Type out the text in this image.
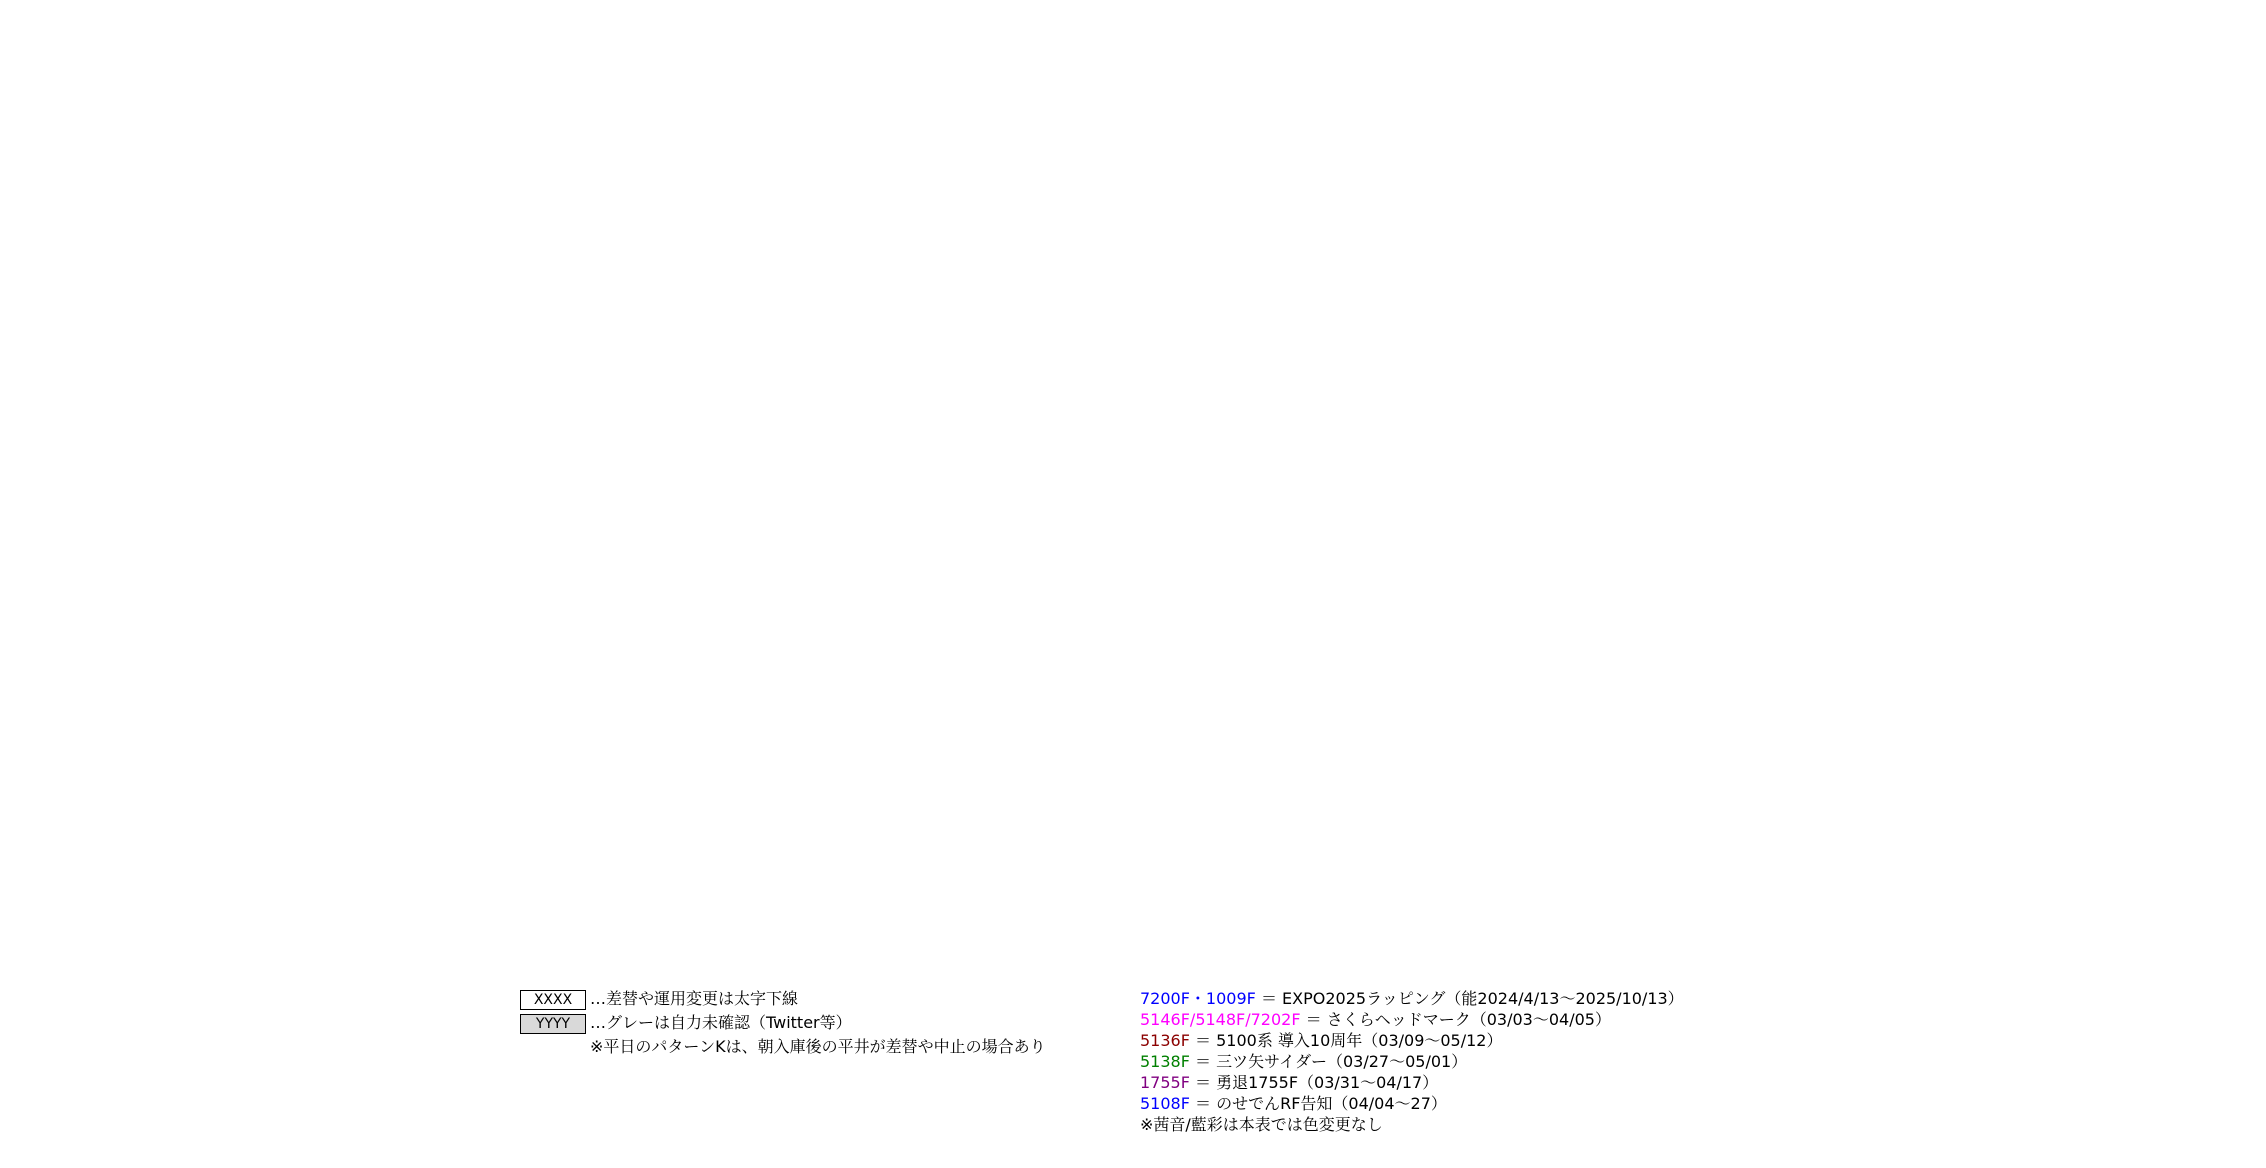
XXXX …差替や運用変更は太字下線
YYYY …グレーは自力未確認（Twitter等）
※平日のパターンKは、朝入庫後の平井が差替や中止の場合あり
7200F・1009F ＝ EXPO2025ラッピング（能2024/4/13〜2025/10/13）
5146F/5148F/7202F ＝ さくらヘッドマーク（03/03〜04/05）
5136F ＝ 5100系 導入10周年（03/09〜05/12）
5138F ＝ 三ツ矢サイダー（03/27〜05/01）
1755F ＝ 勇退1755F（03/31〜04/17）
5108F ＝ のせでんRF告知（04/04〜27）
※茜音/藍彩は本表では色変更なし
